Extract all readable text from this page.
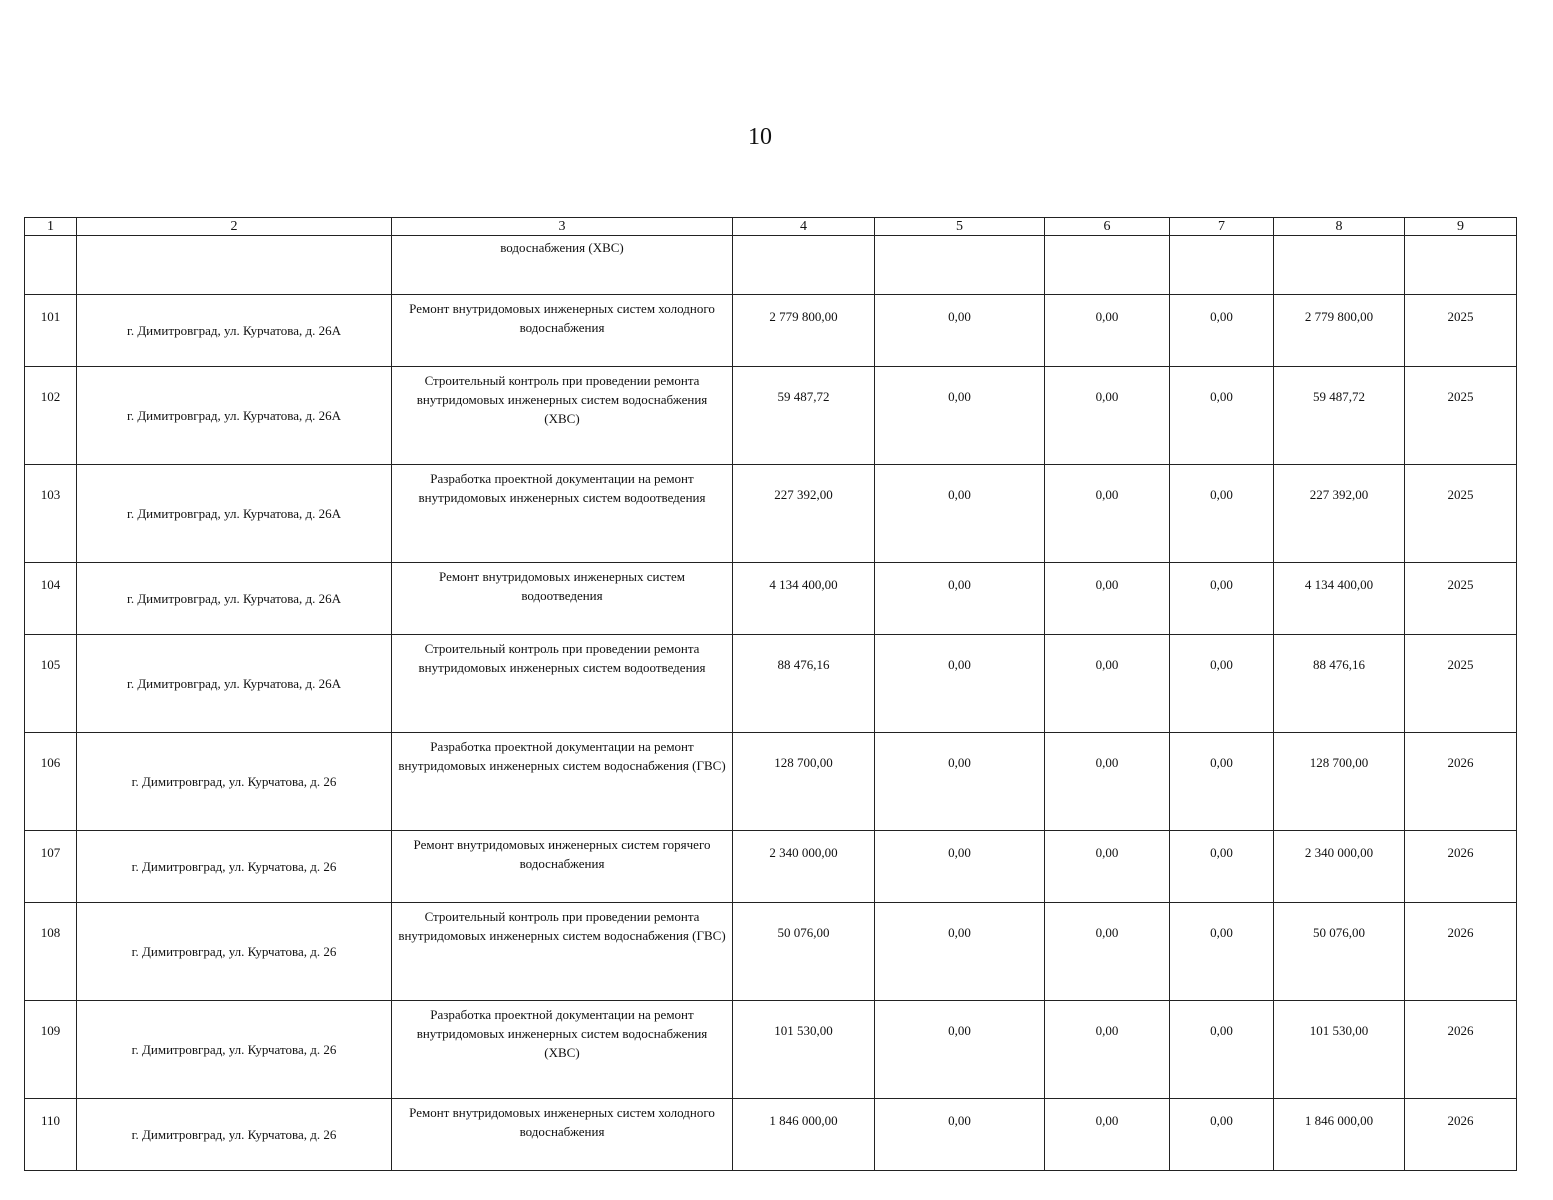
10
1	2	3	4	5	6	7	8	9
		водоснабжения (ХВС)						
101	г. Димитровград, ул. Курчатова, д. 26А	Ремонт внутридомовых инженерных систем холодного водоснабжения	2 779 800,00	0,00	0,00	0,00	2 779 800,00	2025
102	г. Димитровград, ул. Курчатова, д. 26А	Строительный контроль при проведении ремонта внутридомовых инженерных систем водоснабжения (ХВС)	59 487,72	0,00	0,00	0,00	59 487,72	2025
103	г. Димитровград, ул. Курчатова, д. 26А	Разработка проектной документации на ремонт внутридомовых инженерных систем водоотведения	227 392,00	0,00	0,00	0,00	227 392,00	2025
104	г. Димитровград, ул. Курчатова, д. 26А	Ремонт внутридомовых инженерных систем водоотведения	4 134 400,00	0,00	0,00	0,00	4 134 400,00	2025
105	г. Димитровград, ул. Курчатова, д. 26А	Строительный контроль при проведении ремонта внутридомовых инженерных систем водоотведения	88 476,16	0,00	0,00	0,00	88 476,16	2025
106	г. Димитровград, ул. Курчатова, д. 26	Разработка проектной документации на ремонт внутридомовых инженерных систем водоснабжения (ГВС)	128 700,00	0,00	0,00	0,00	128 700,00	2026
107	г. Димитровград, ул. Курчатова, д. 26	Ремонт внутридомовых инженерных систем горячего водоснабжения	2 340 000,00	0,00	0,00	0,00	2 340 000,00	2026
108	г. Димитровград, ул. Курчатова, д. 26	Строительный контроль при проведении ремонта внутридомовых инженерных систем водоснабжения (ГВС)	50 076,00	0,00	0,00	0,00	50 076,00	2026
109	г. Димитровград, ул. Курчатова, д. 26	Разработка проектной документации на ремонт внутридомовых инженерных систем водоснабжения (ХВС)	101 530,00	0,00	0,00	0,00	101 530,00	2026
110	г. Димитровград, ул. Курчатова, д. 26	Ремонт внутридомовых инженерных систем холодного водоснабжения	1 846 000,00	0,00	0,00	0,00	1 846 000,00	2026
